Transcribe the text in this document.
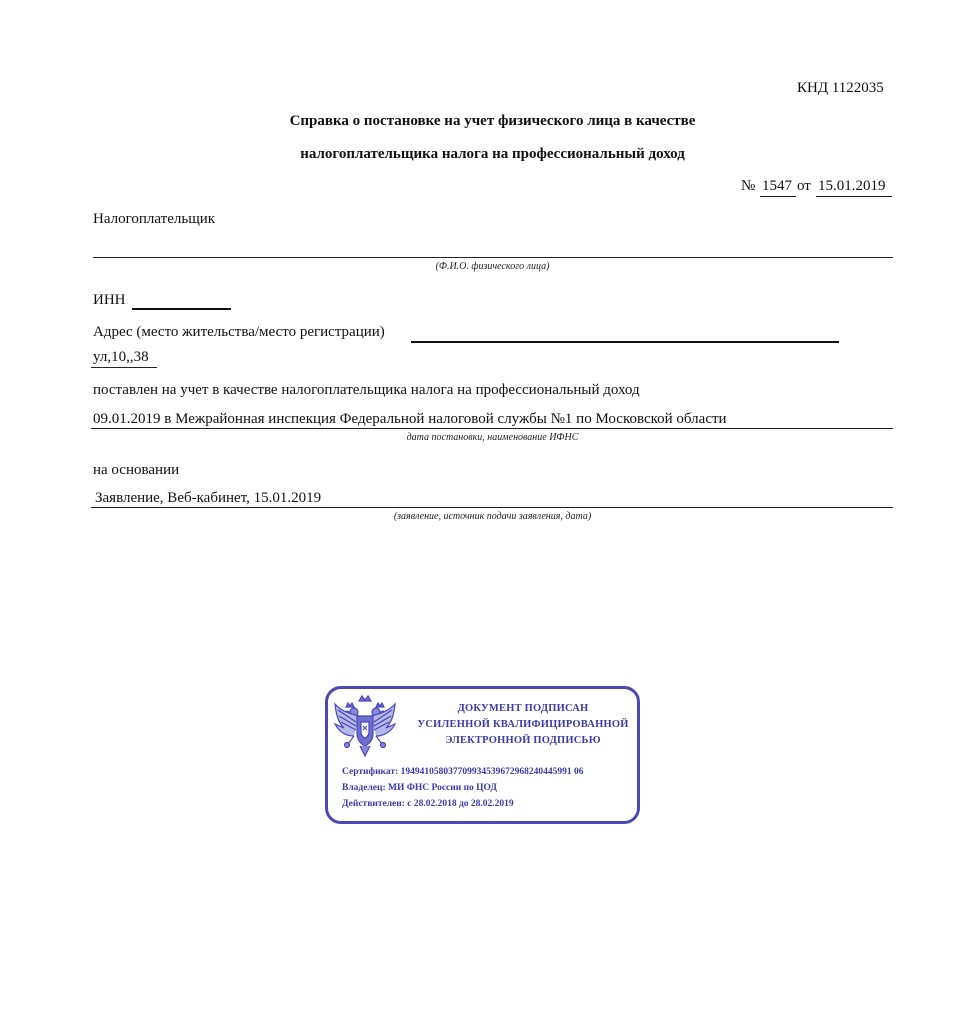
КНД 1122035
Справка о постановке на учет физического лица в качестве
налогоплательщика налога на профессиональный доход
№ 1547 от 15.01.2019
Налогоплательщик
(Ф.И.О. физического лица)
ИНН
Адрес (место жительства/место регистрации)
ул,10,,38
поставлен на учет в качестве налогоплательщика налога на профессиональный доход
09.01.2019 в Межрайонная инспекция Федеральной налоговой службы №1 по Московской области
дата постановки, наименование ИФНС
на основании
Заявление, Веб-кабинет, 15.01.2019
(заявление, источник подачи заявления, дата)
ДОКУМЕНТ ПОДПИСАН
УСИЛЕННОЙ КВАЛИФИЦИРОВАННОЙ
ЭЛЕКТРОННОЙ ПОДПИСЬЮ
Сертификат: 194941058037709934539672968240445991 06
Владелец: МИ ФНС России по ЦОД
Действителен: с 28.02.2018 до 28.02.2019
